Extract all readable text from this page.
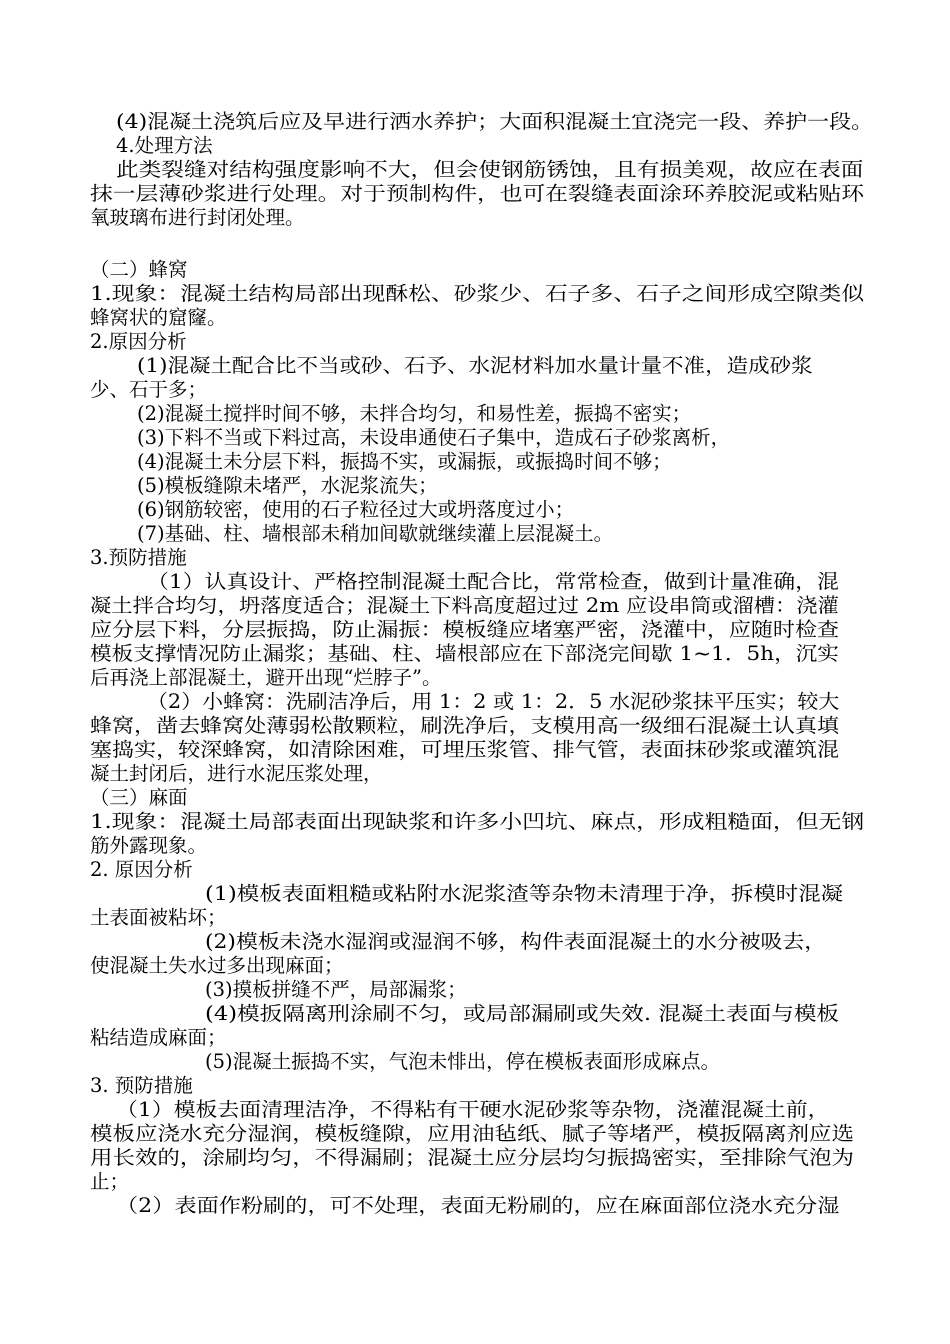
(4)混凝土浇筑后应及早进行洒水养护；大面积混凝土宜浇完一段、养护一段。
4.处理方法
此类裂缝对结构强度影响不大，但会使钢筋锈蚀，且有损美观，故应在表面
抹一层薄砂浆进行处理。对于预制构件，也可在裂缝表面涂环养胶泥或粘贴环
氧玻璃布进行封闭处理。
（二）蜂窝
1.现象：混凝土结构局部出现酥松、砂浆少、石子多、石子之间形成空隙类似
蜂窝状的窟窿。
2.原因分析
(1)混凝土配合比不当或砂、石予、水泥材料加水量计量不准，造成砂浆
少、石于多；
(2)混凝土搅拌时间不够，未拌合均匀，和易性差，振捣不密实；
(3)下料不当或下料过高，未设串通使石子集中，造成石子砂浆离析，
(4)混凝土未分层下料，振捣不实，或漏振，或振捣时间不够；
(5)模板缝隙未堵严，水泥浆流失；
(6)钢筋较密，使用的石子粒径过大或坍落度过小；
(7)基础、柱、墙根部未稍加间歇就继续灌上层混凝土。
3.预防措施
（1）认真设计、严格控制混凝土配合比，常常检查，做到计量准确，混
凝土拌合均匀，坍落度适合；混凝土下料高度超过过 2m 应设串筒或溜槽：浇灌
应分层下料，分层振捣，防止漏振：模板缝应堵塞严密，浇灌中，应随时检查
模板支撑情况防止漏浆；基础、柱、墙根部应在下部浇完间歇 1~1．5h，沉实
后再浇上部混凝土，避开出现“烂脖子”。
（2）小蜂窝：洗刷洁净后，用 1：2 或 1：2．5 水泥砂浆抹平压实；较大
蜂窝，凿去蜂窝处薄弱松散颗粒，刷洗净后，支模用高一级细石混凝土认真填
塞捣实，较深蜂窝，如清除困难，可埋压浆管、排气管，表面抹砂浆或灌筑混
凝土封闭后，进行水泥压浆处理，
（三）麻面
1.现象：混凝土局部表面出现缺浆和许多小凹坑、麻点，形成粗糙面，但无钢
筋外露现象。
2. 原因分析
(1)模板表面粗糙或粘附水泥浆渣等杂物未清理于净，拆模时混凝
土表面被粘坏；
(2)模板未浇水湿润或湿润不够，构件表面混凝土的水分被吸去，
使混凝土失水过多出现麻面；
(3)摸板拼缝不严，局部漏浆；
(4)模扳隔离刑涂刷不匀，或局部漏刷或失效. 混凝土表面与模板
粘结造成麻面；
(5)混凝土振捣不实，气泡未悱出，停在模板表面形成麻点。
3. 预防措施
（1）模板去面清理洁净，不得粘有干硬水泥砂浆等杂物，浇灌混凝土前，
模板应浇水充分湿润，模板缝隙，应用油毡纸、腻子等堵严，模扳隔离剂应选
用长效的，涂刷均匀，不得漏刷；混凝土应分层均匀振捣密实，至排除气泡为
止；
（2）表面作粉刷的，可不处理，表面无粉刷的，应在麻面部位浇水充分湿
